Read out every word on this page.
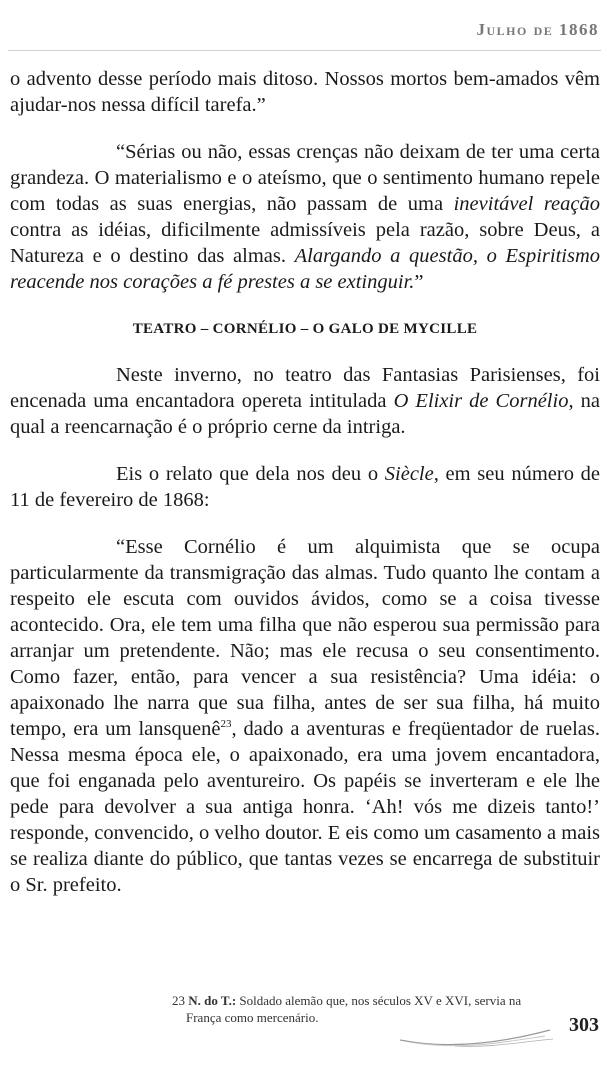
Julho de 1868

o advento desse período mais ditoso. Nossos mortos bem-amados vêm ajudar-nos nessa difícil tarefa.”

“Sérias ou não, essas crenças não deixam de ter uma certa grandeza. O materialismo e o ateísmo, que o sentimento humano repele com todas as suas energias, não passam de uma inevitável reação contra as idéias, dificilmente admissíveis pela razão, sobre Deus, a Natureza e o destino das almas. Alargando a questão, o Espiritismo reacende nos corações a fé prestes a se extinguir.”

TEATRO – CORNÉLIO – O GALO DE MYCILLE

Neste inverno, no teatro das Fantasias Parisienses, foi encenada uma encantadora opereta intitulada O Elixir de Cornélio, na qual a reencarnação é o próprio cerne da intriga.

Eis o relato que dela nos deu o Siècle, em seu número de 11 de fevereiro de 1868:

“Esse Cornélio é um alquimista que se ocupa particularmente da transmigração das almas. Tudo quanto lhe contam a respeito ele escuta com ouvidos ávidos, como se a coisa tivesse acontecido. Ora, ele tem uma filha que não esperou sua permissão para arranjar um pretendente. Não; mas ele recusa o seu consentimento. Como fazer, então, para vencer a sua resistência? Uma idéia: o apaixonado lhe narra que sua filha, antes de ser sua filha, há muito tempo, era um lansquenê$^{23}$, dado a aventuras e freqüentador de ruelas. Nessa mesma época ele, o apaixonado, era uma jovem encantadora, que foi enganada pelo aventureiro. Os papéis se inverteram e ele lhe pede para devolver a sua antiga honra. ‘Ah! vós me dizeis tanto!’ responde, convencido, o velho doutor. E eis como um casamento a mais se realiza diante do público, que tantas vezes se encarrega de substituir o Sr. prefeito.

23 N. do T.: Soldado alemão que, nos séculos XV e XVI, servia na
França como mercenário.	303
